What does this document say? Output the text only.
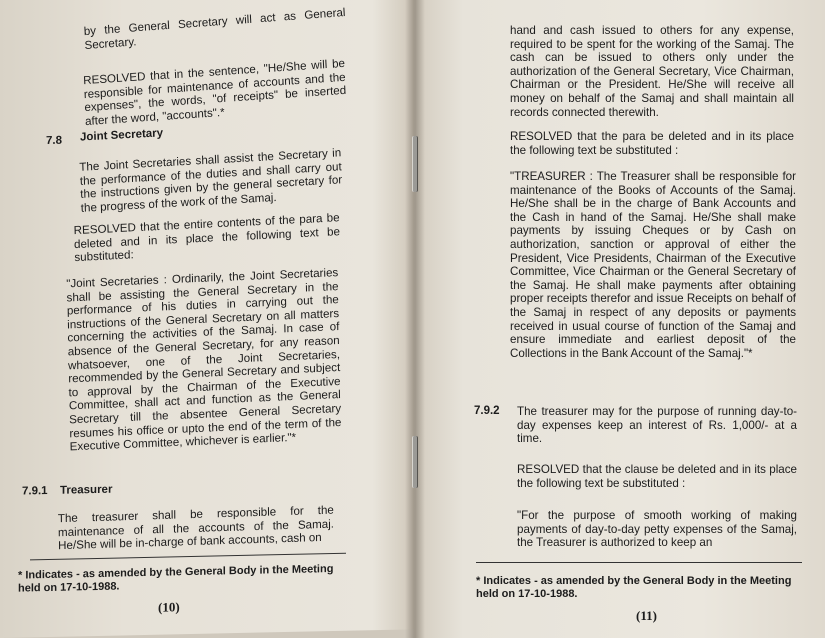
by the General Secretary will act as General Secretary.

RESOLVED that in the sentence, "He/She will be responsible for maintenance of accounts and the expenses", the words, "of receipts" be inserted after the word, "accounts".*

7.8 Joint Secretary

The Joint Secretaries shall assist the Secretary in the performance of the duties and shall carry out the instructions given by the general secretary for the progress of the work of the Samaj.

RESOLVED that the entire contents of the para be deleted and in its place the following text be substituted:

"Joint Secretaries : Ordinarily, the Joint Secretaries shall be assisting the General Secretary in the performance of his duties in carrying out the instructions of the General Secretary on all matters concerning the activities of the Samaj. In case of absence of the General Secretary, for any reason whatsoever, one of the Joint Secretaries, recommended by the General Secretary and subject to approval by the Chairman of the Executive Committee, shall act and function as the General Secretary till the absentee General Secretary resumes his office or upto the end of the term of the Executive Committee, whichever is earlier."*

7.9.1 Treasurer

The treasurer shall be responsible for the maintenance of all the accounts of the Samaj. He/She will be in-charge of bank accounts, cash on

* Indicates - as amended by the General Body in the Meeting held on 17-10-1988.

(10)

hand and cash issued to others for any expense, required to be spent for the working of the Samaj. The cash can be issued to others only under the authorization of the General Secretary, Vice Chairman, Chairman or the President. He/She will receive all money on behalf of the Samaj and shall maintain all records connected therewith.

RESOLVED that the para be deleted and in its place the following text be substituted :

"TREASURER : The Treasurer shall be responsible for maintenance of the Books of Accounts of the Samaj. He/She shall be in the charge of Bank Accounts and the Cash in hand of the Samaj. He/She shall make payments by issuing Cheques or by Cash on authorization, sanction or approval of either the President, Vice Presidents, Chairman of the Executive Committee, Vice Chairman or the General Secretary of the Samaj. He shall make payments after obtaining proper receipts therefor and issue Receipts on behalf of the Samaj in respect of any deposits or payments received in usual course of function of the Samaj and ensure immediate and earliest deposit of the Collections in the Bank Account of the Samaj."*

7.9.2 The treasurer may for the purpose of running day-to-day expenses keep an interest of Rs. 1,000/- at a time.

RESOLVED that the clause be deleted and in its place the following text be substituted :

"For the purpose of smooth working of making payments of day-to-day petty expenses of the Samaj, the Treasurer is authorized to keep an

* Indicates - as amended by the General Body in the Meeting held on 17-10-1988.

(11)
